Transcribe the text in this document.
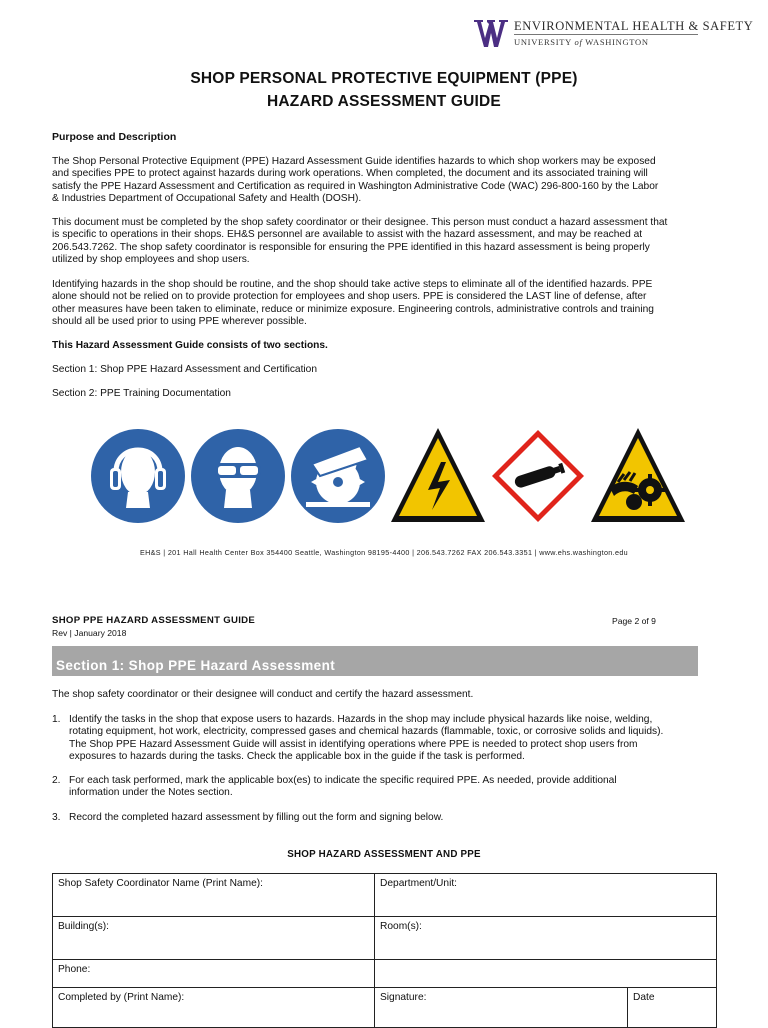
ENVIRONMENTAL HEALTH & SAFETY
UNIVERSITY of WASHINGTON
SHOP PERSONAL PROTECTIVE EQUIPMENT (PPE)
HAZARD ASSESSMENT GUIDE
Purpose and Description
The Shop Personal Protective Equipment (PPE) Hazard Assessment Guide identifies hazards to which shop workers may be exposed
and specifies PPE to protect against hazards during work operations. When completed, the document and its associated training will
satisfy the PPE Hazard Assessment and Certification as required in Washington Administrative Code (WAC) 296-800-160 by the Labor
& Industries Department of Occupational Safety and Health (DOSH).
This document must be completed by the shop safety coordinator or their designee. This person must conduct a hazard assessment that
is specific to operations in their shops. EH&S personnel are available to assist with the hazard assessment, and may be reached at
206.543.7262. The shop safety coordinator is responsible for ensuring the PPE identified in this hazard assessment is being properly
utilized by shop employees and shop users.
Identifying hazards in the shop should be routine, and the shop should take active steps to eliminate all of the identified hazards. PPE
alone should not be relied on to provide protection for employees and shop users. PPE is considered the LAST line of defense, after
other measures have been taken to eliminate, reduce or minimize exposure. Engineering controls, administrative controls and training
should all be used prior to using PPE wherever possible.
This Hazard Assessment Guide consists of two sections.
Section 1: Shop PPE Hazard Assessment and Certification
Section 2: PPE Training Documentation
EH&S | 201 Hall Health Center Box 354400 Seattle, Washington 98195-4400 | 206.543.7262 FAX 206.543.3351 | www.ehs.washington.edu
SHOP PPE HAZARD ASSESSMENT GUIDE
Rev | January 2018
Page 2 of 9
Section 1: Shop PPE Hazard Assessment
The shop safety coordinator or their designee will conduct and certify the hazard assessment.
1. Identify the tasks in the shop that expose users to hazards. Hazards in the shop may include physical hazards like noise, welding,
rotating equipment, hot work, electricity, compressed gases and chemical hazards (flammable, toxic, or corrosive solids and liquids).
The Shop PPE Hazard Assessment Guide will assist in identifying operations where PPE is needed to protect shop users from
exposures to hazards during the tasks. Check the applicable box in the guide if the task is performed.
2. For each task performed, mark the applicable box(es) to indicate the specific required PPE. As needed, provide additional
information under the Notes section.
3. Record the completed hazard assessment by filling out the form and signing below.
SHOP HAZARD ASSESSMENT AND PPE
Shop Safety Coordinator Name (Print Name):	Department/Unit:	
Building(s):	Room(s):	
Phone:		
Completed by (Print Name):	Signature:	Date
